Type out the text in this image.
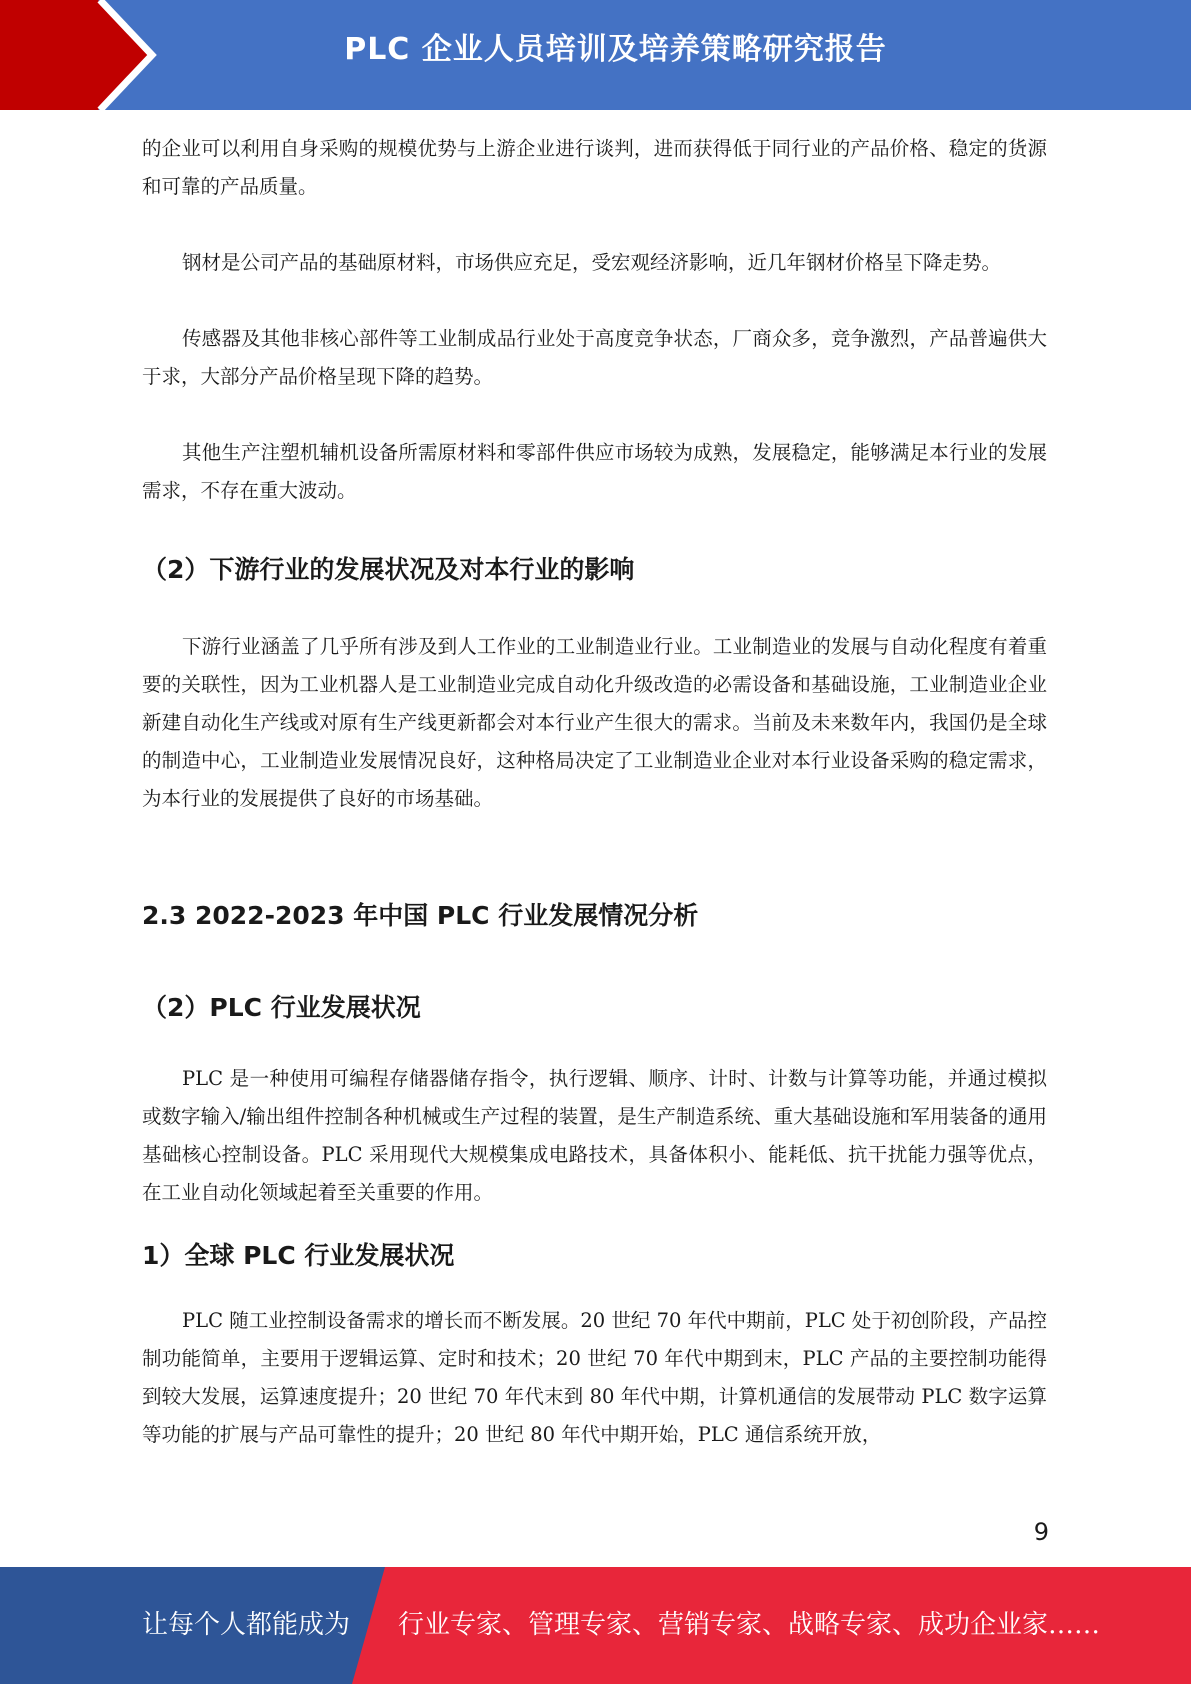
PLC 企业人员培训及培养策略研究报告

的企业可以利用自身采购的规模优势与上游企业进行谈判，进而获得低于同行业的产品价格、稳定的货源和可靠的产品质量。

钢材是公司产品的基础原材料，市场供应充足，受宏观经济影响，近几年钢材价格呈下降走势。

传感器及其他非核心部件等工业制成品行业处于高度竞争状态，厂商众多，竞争激烈，产品普遍供大于求，大部分产品价格呈现下降的趋势。

其他生产注塑机辅机设备所需原材料和零部件供应市场较为成熟，发展稳定，能够满足本行业的发展需求，不存在重大波动。

（2）下游行业的发展状况及对本行业的影响

下游行业涵盖了几乎所有涉及到人工作业的工业制造业行业。工业制造业的发展与自动化程度有着重要的关联性，因为工业机器人是工业制造业完成自动化升级改造的必需设备和基础设施，工业制造业企业新建自动化生产线或对原有生产线更新都会对本行业产生很大的需求。当前及未来数年内，我国仍是全球的制造中心，工业制造业发展情况良好，这种格局决定了工业制造业企业对本行业设备采购的稳定需求，为本行业的发展提供了良好的市场基础。

2.3 2022-2023 年中国 PLC 行业发展情况分析
（2）PLC 行业发展状况

PLC 是一种使用可编程存储器储存指令，执行逻辑、顺序、计时、计数与计算等功能，并通过模拟或数字输入/输出组件控制各种机械或生产过程的装置，是生产制造系统、重大基础设施和军用装备的通用基础核心控制设备。PLC 采用现代大规模集成电路技术，具备体积小、能耗低、抗干扰能力强等优点，在工业自动化领域起着至关重要的作用。

1）全球 PLC 行业发展状况

PLC 随工业控制设备需求的增长而不断发展。20 世纪 70 年代中期前，PLC 处于初创阶段，产品控制功能简单，主要用于逻辑运算、定时和技术；20 世纪 70 年代中期到末，PLC 产品的主要控制功能得到较大发展，运算速度提升；20 世纪 70 年代末到 80 年代中期，计算机通信的发展带动 PLC 数字运算等功能的扩展与产品可靠性的提升；20 世纪 80 年代中期开始，PLC 通信系统开放，

9
让每个人都能成为 行业专家、管理专家、营销专家、战略专家、成功企业家……
